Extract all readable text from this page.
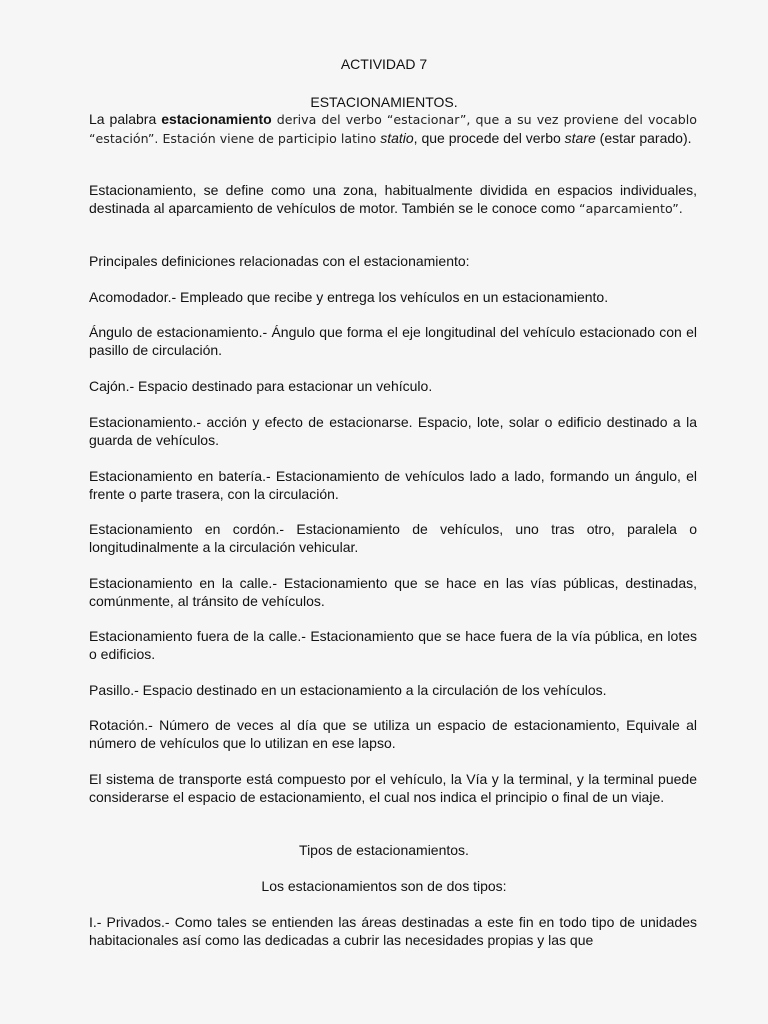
ACTIVIDAD 7
ESTACIONAMIENTOS.

La palabra estacionamiento deriva del verbo “estacionar”, que a su vez proviene del vocablo “estación”. Estación viene de participio latino statio, que procede del verbo stare (estar parado).

Estacionamiento, se define como una zona, habitualmente dividida en espacios individuales, destinada al aparcamiento de vehículos de motor. También se le conoce como “aparcamiento”.

Principales definiciones relacionadas con el estacionamiento:

Acomodador.- Empleado que recibe y entrega los vehículos en un estacionamiento.

Ángulo de estacionamiento.- Ángulo que forma el eje longitudinal del vehículo estacionado con el pasillo de circulación.

Cajón.- Espacio destinado para estacionar un vehículo.

Estacionamiento.- acción y efecto de estacionarse. Espacio, lote, solar o edificio destinado a la guarda de vehículos.

Estacionamiento en batería.- Estacionamiento de vehículos lado a lado, formando un ángulo, el frente o parte trasera, con la circulación.

Estacionamiento en cordón.- Estacionamiento de vehículos, uno tras otro, paralela o longitudinalmente a la circulación vehicular.

Estacionamiento en la calle.- Estacionamiento que se hace en las vías públicas, destinadas, comúnmente, al tránsito de vehículos.

Estacionamiento fuera de la calle.- Estacionamiento que se hace fuera de la vía pública, en lotes o edificios.

Pasillo.- Espacio destinado en un estacionamiento a la circulación de los vehículos.

Rotación.- Número de veces al día que se utiliza un espacio de estacionamiento, Equivale al número de vehículos que lo utilizan en ese lapso.

El sistema de transporte está compuesto por el vehículo, la Vía y la terminal, y la terminal puede considerarse el espacio de estacionamiento, el cual nos indica el principio o final de un viaje.

Tipos de estacionamientos.
Los estacionamientos son de dos tipos:

I.- Privados.- Como tales se entienden las áreas destinadas a este fin en todo tipo de unidades habitacionales así como las dedicadas a cubrir las necesidades propias y las que
